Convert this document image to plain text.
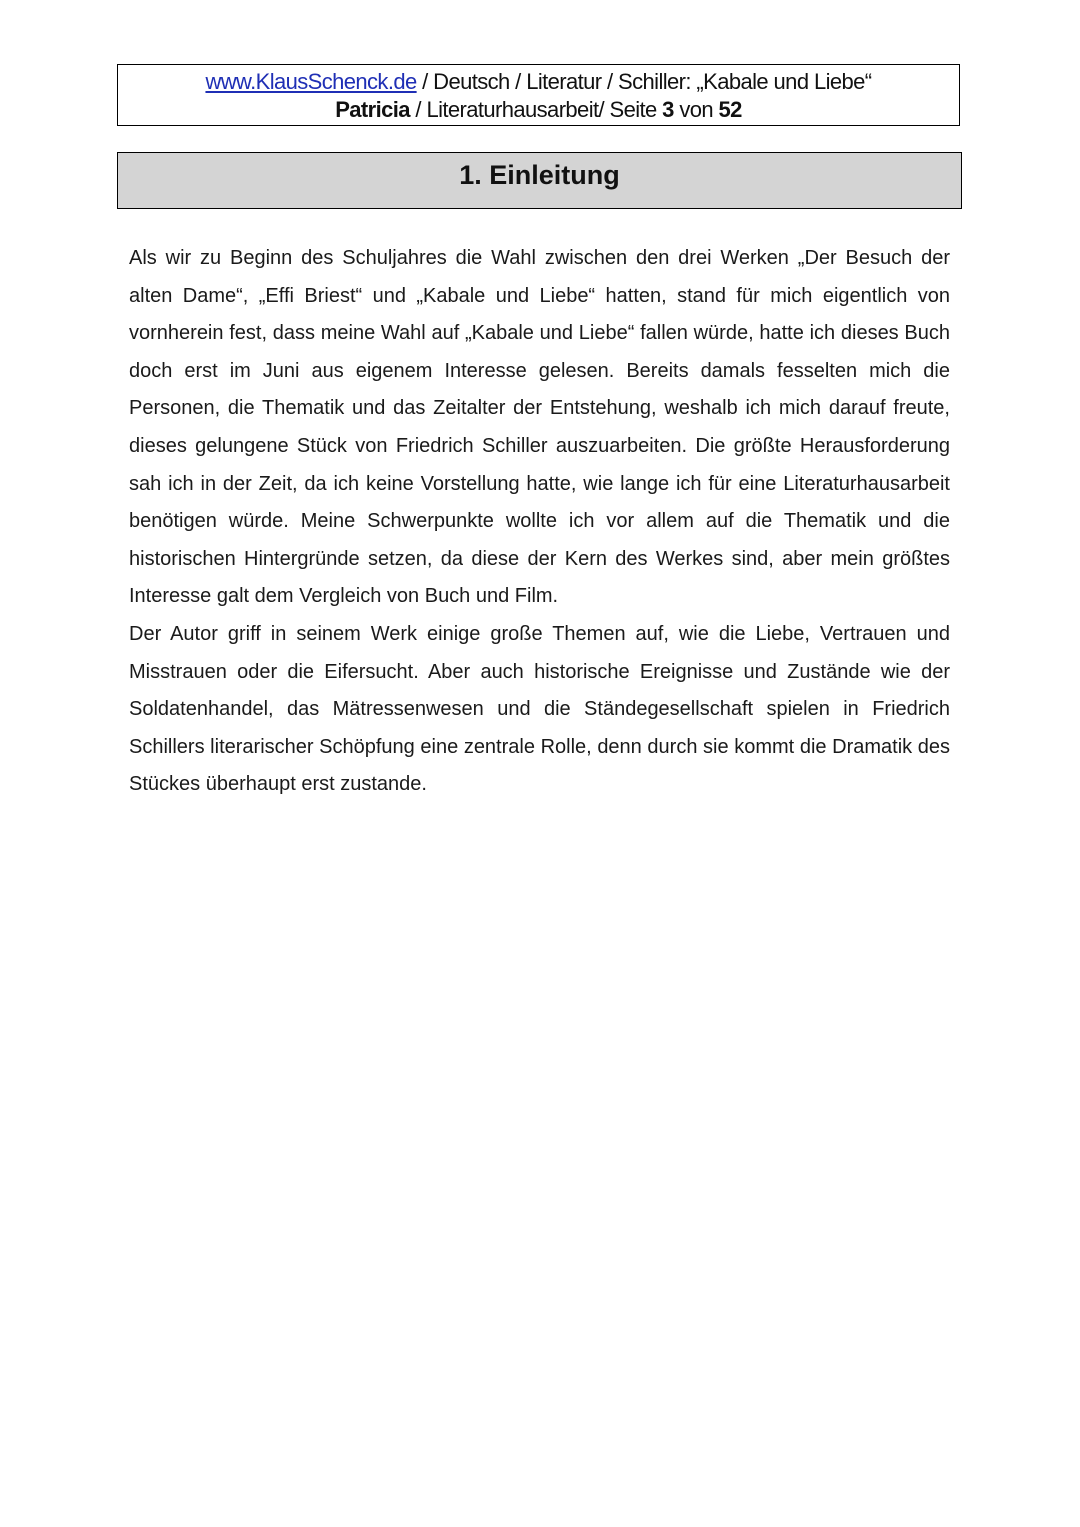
www.KlausSchenck.de / Deutsch / Literatur / Schiller: „Kabale und Liebe“
Patricia / Literaturhausarbeit/ Seite 3 von 52
1. Einleitung

Als wir zu Beginn des Schuljahres die Wahl zwischen den drei Werken „Der Besuch der alten Dame“, „Effi Briest“ und „Kabale und Liebe“ hatten, stand für mich eigentlich von vornherein fest, dass meine Wahl auf „Kabale und Liebe“ fallen würde, hatte ich dieses Buch doch erst im Juni aus eigenem Interesse gelesen. Bereits damals fesselten mich die Personen, die Thematik und das Zeitalter der Entstehung, weshalb ich mich darauf freute, dieses gelungene Stück von Friedrich Schiller auszuarbeiten. Die größte Herausforderung sah ich in der Zeit, da ich keine Vorstellung hatte, wie lange ich für eine Literaturhausarbeit benötigen würde. Meine Schwerpunkte wollte ich vor allem auf die Thematik und die historischen Hintergründe setzen, da diese der Kern des Werkes sind, aber mein größtes Interesse galt dem Vergleich von Buch und Film.

Der Autor griff in seinem Werk einige große Themen auf, wie die Liebe, Vertrauen und Misstrauen oder die Eifersucht. Aber auch historische Ereignisse und Zustände wie der Soldatenhandel, das Mätressenwesen und die Ständegesellschaft spielen in Friedrich Schillers literarischer Schöpfung eine zentrale Rolle, denn durch sie kommt die Dramatik des Stückes überhaupt erst zustande.
